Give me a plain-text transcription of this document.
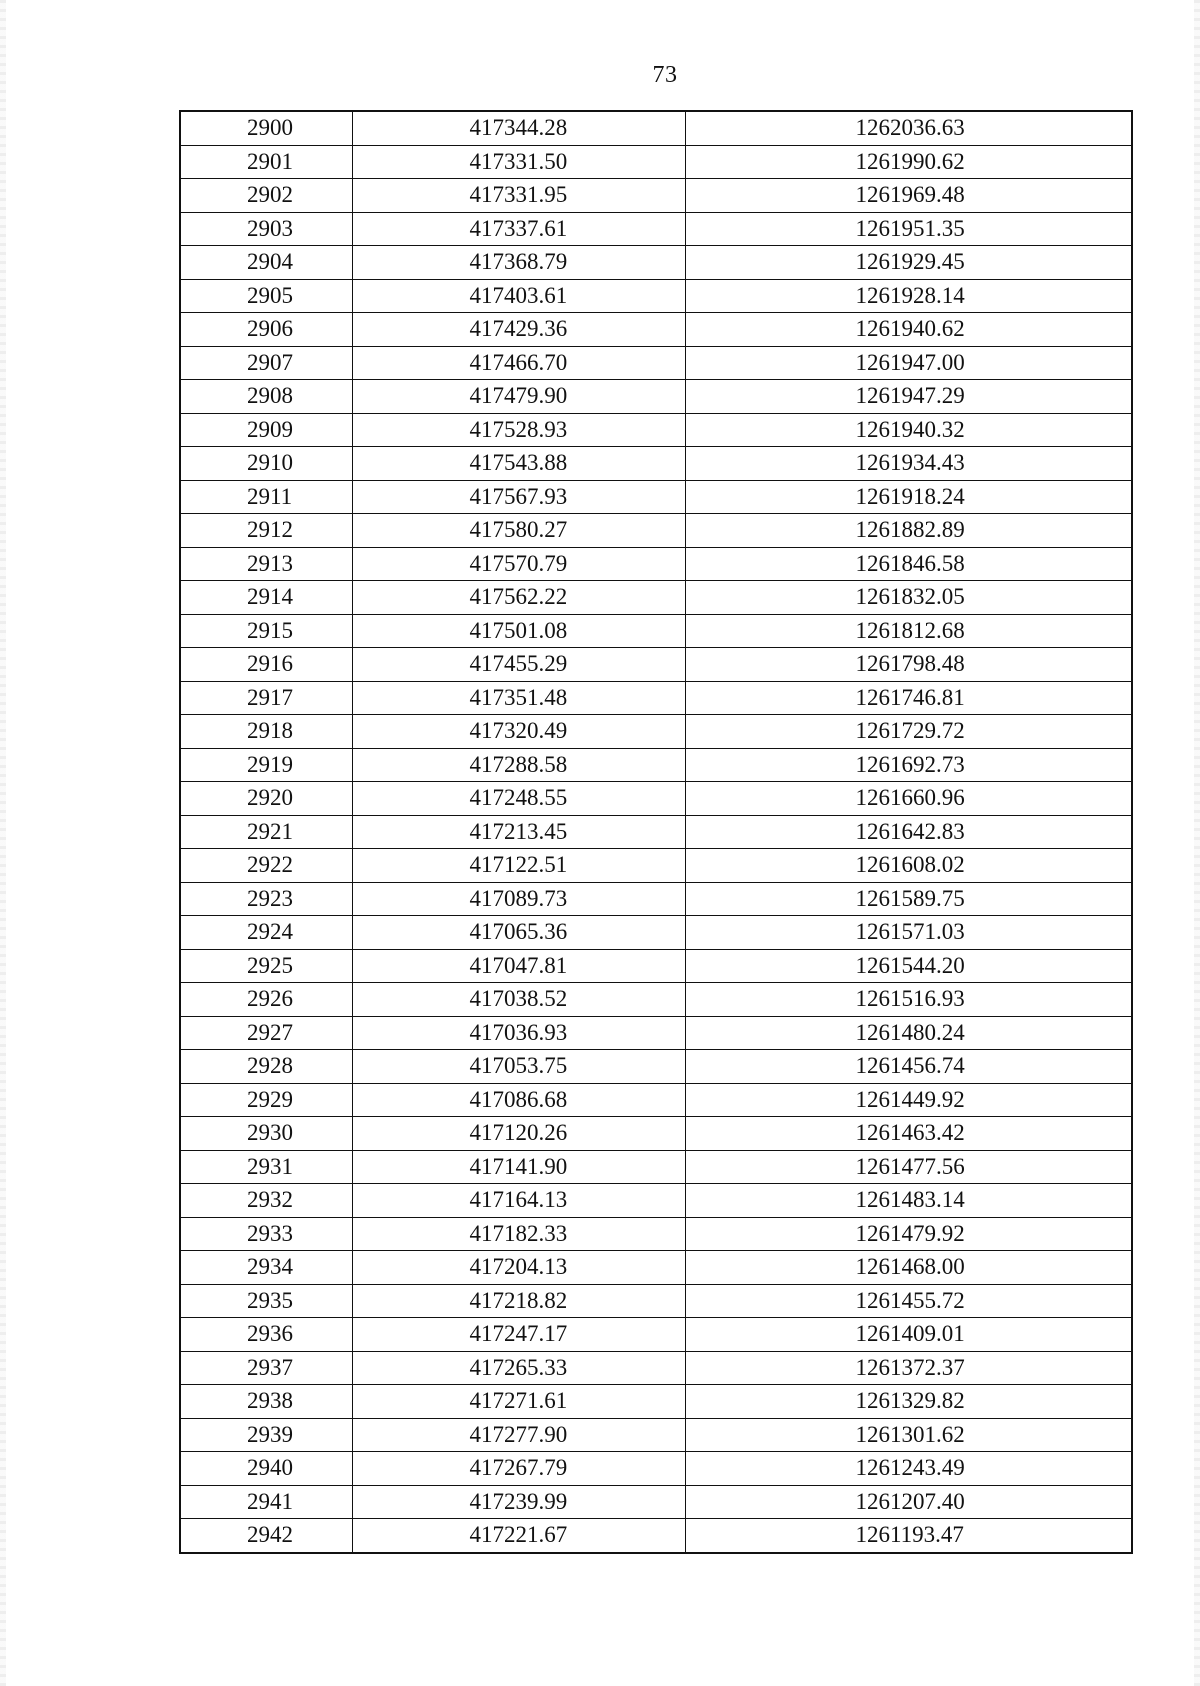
73
2900	417344.28	1262036.63
2901	417331.50	1261990.62
2902	417331.95	1261969.48
2903	417337.61	1261951.35
2904	417368.79	1261929.45
2905	417403.61	1261928.14
2906	417429.36	1261940.62
2907	417466.70	1261947.00
2908	417479.90	1261947.29
2909	417528.93	1261940.32
2910	417543.88	1261934.43
2911	417567.93	1261918.24
2912	417580.27	1261882.89
2913	417570.79	1261846.58
2914	417562.22	1261832.05
2915	417501.08	1261812.68
2916	417455.29	1261798.48
2917	417351.48	1261746.81
2918	417320.49	1261729.72
2919	417288.58	1261692.73
2920	417248.55	1261660.96
2921	417213.45	1261642.83
2922	417122.51	1261608.02
2923	417089.73	1261589.75
2924	417065.36	1261571.03
2925	417047.81	1261544.20
2926	417038.52	1261516.93
2927	417036.93	1261480.24
2928	417053.75	1261456.74
2929	417086.68	1261449.92
2930	417120.26	1261463.42
2931	417141.90	1261477.56
2932	417164.13	1261483.14
2933	417182.33	1261479.92
2934	417204.13	1261468.00
2935	417218.82	1261455.72
2936	417247.17	1261409.01
2937	417265.33	1261372.37
2938	417271.61	1261329.82
2939	417277.90	1261301.62
2940	417267.79	1261243.49
2941	417239.99	1261207.40
2942	417221.67	1261193.47
